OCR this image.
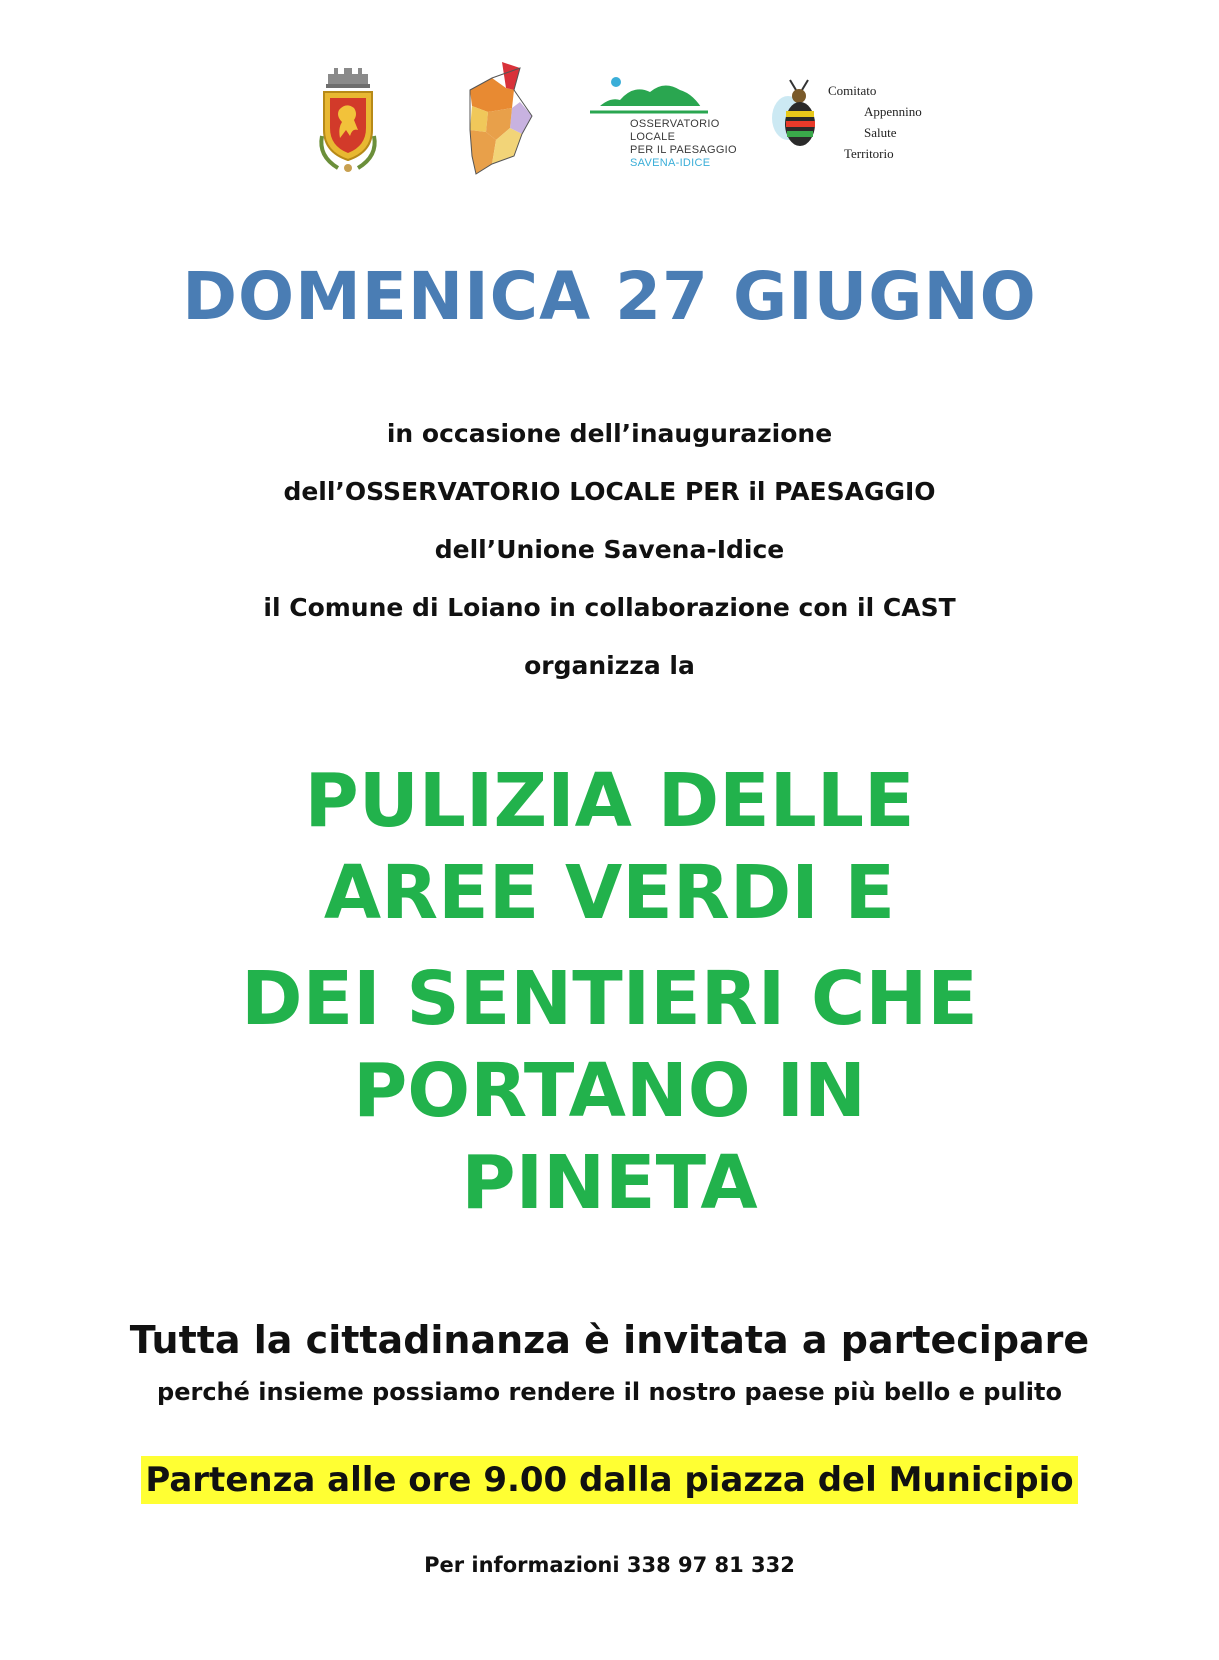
OSSERVATORIO
LOCALE
PER IL PAESAGGIO
SAVENA-IDICE
Comitato
Appennino
Salute
Territorio
DOMENICA 27 GIUGNO
in occasione dell’inaugurazione
dell’OSSERVATORIO LOCALE PER il PAESAGGIO
dell’Unione Savena-Idice
il Comune di Loiano in collaborazione con il CAST
organizza la
PULIZIA DELLE
AREE VERDI E
DEI SENTIERI CHE
PORTANO IN
PINETA
Tutta la cittadinanza è invitata a partecipare
perché insieme possiamo rendere il nostro paese più bello e pulito
Partenza alle ore 9.00 dalla piazza del Municipio
Per informazioni 338 97 81 332
